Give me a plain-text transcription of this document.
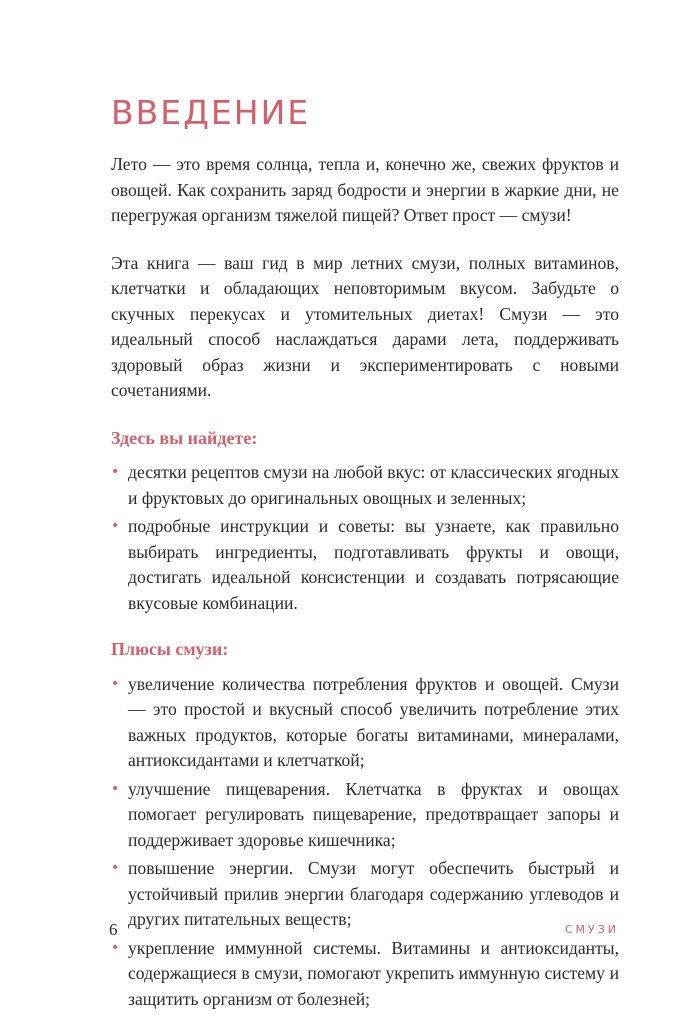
ВВЕДЕНИЕ

Лето — это время солнца, тепла и, конечно же, свежих фруктов и овощей. Как сохранить заряд бодрости и энергии в жаркие дни, не перегружая организм тяжелой пищей? Ответ прост — смузи!

Эта книга — ваш гид в мир летних смузи, полных витаминов, клетчатки и обладающих неповторимым вкусом. Забудьте о скучных перекусах и утомительных диетах! Смузи — это идеальный способ наслаждаться дарами лета, поддерживать здоровый образ жизни и экспериментировать с новыми сочетаниями.

Здесь вы найдете:

• десятки рецептов смузи на любой вкус: от классических ягодных и фруктовых до оригинальных овощных и зеленных;
• подробные инструкции и советы: вы узнаете, как правильно выбирать ингредиенты, подготавливать фрукты и овощи, достигать идеальной консистенции и создавать потрясающие вкусовые комбинации.

Плюсы смузи:

• увеличение количества потребления фруктов и овощей. Смузи — это простой и вкусный способ увеличить потребление этих важных продуктов, которые богаты витаминами, минералами, антиоксидантами и клетчаткой;
• улучшение пищеварения. Клетчатка в фруктах и овощах помогает регулировать пищеварение, предотвращает запоры и поддерживает здоровье кишечника;
• повышение энергии. Смузи могут обеспечить быстрый и устойчивый прилив энергии благодаря содержанию углеводов и других питательных веществ;
• укрепление иммунной системы. Витамины и антиоксиданты, содержащиеся в смузи, помогают укрепить иммунную систему и защитить организм от болезней;
6	СМУЗИ
